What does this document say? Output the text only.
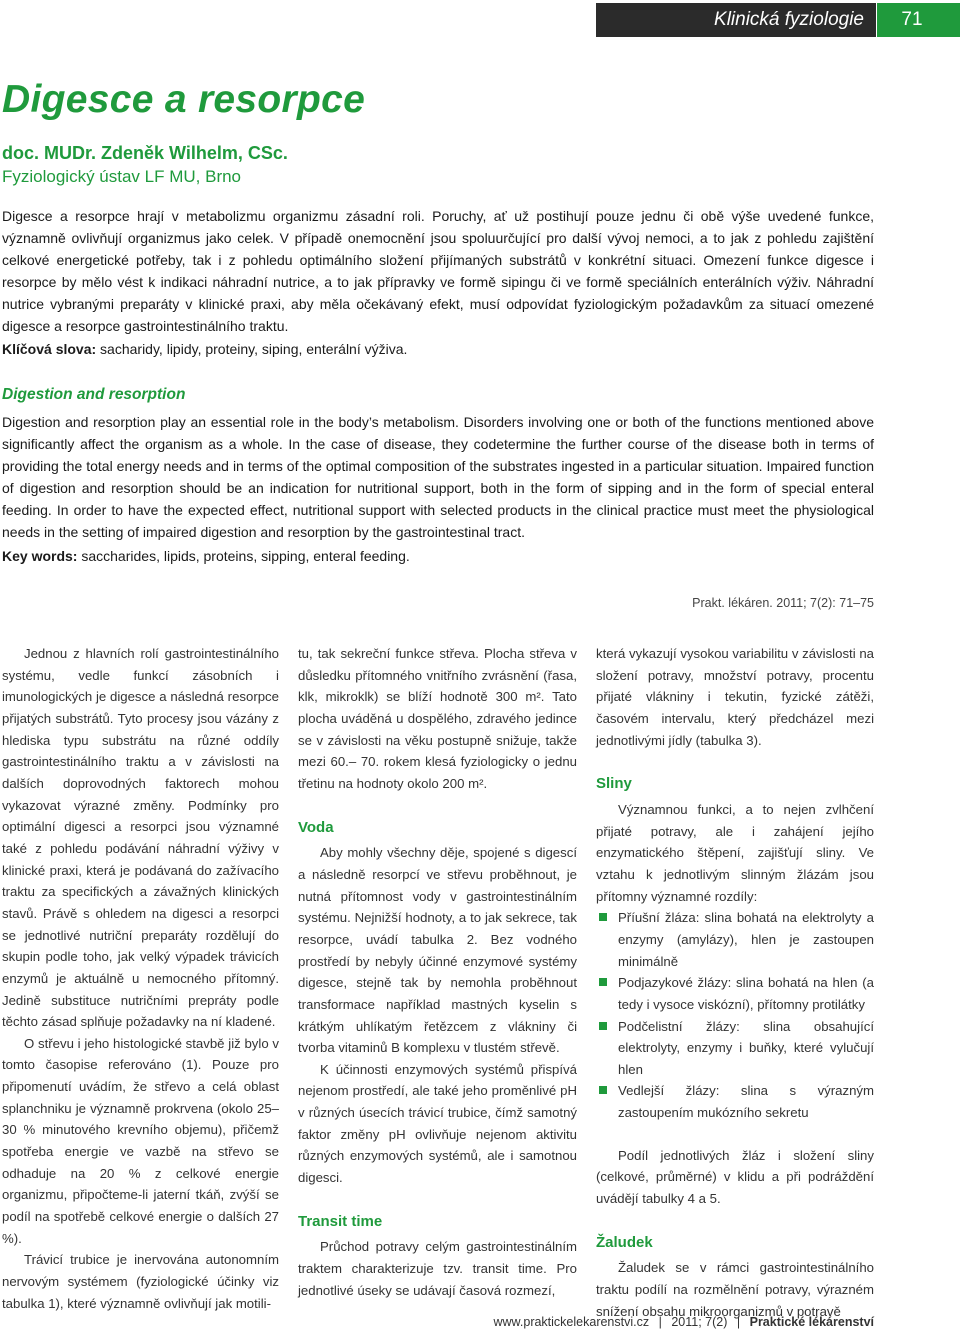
Klinická fyziologie	71
Digesce a resorpce
doc. MUDr. Zdeněk Wilhelm, CSc.
Fyziologický ústav LF MU, Brno

Digesce a resorpce hrají v metabolizmu organizmu zásadní roli. Poruchy, ať už postihují pouze jednu či obě výše uvedené funkce, významně ovlivňují organizmus jako celek. V případě onemocnění jsou spoluurčující pro další vývoj nemoci, a to jak z pohledu zajištění celkové energetické potřeby, tak i z pohledu optimálního složení přijímaných substrátů v konkrétní situaci. Omezení funkce digesce i resorpce by mělo vést k indikaci náhradní nutrice, a to jak přípravky ve formě sipingu či ve formě speciálních enterálních výživ. Náhradní nutrice vybranými preparáty v klinické praxi, aby měla očekávaný efekt, musí odpovídat fyziologickým požadavkům za situací omezené digesce a resorpce gastrointestinálního traktu.

Klíčová slova: sacharidy, lipidy, proteiny, siping, enterální výživa.
Digestion and resorption

Digestion and resorption play an essential role in the body’s metabolism. Disorders involving one or both of the functions mentioned above significantly affect the organism as a whole. In the case of disease, they codetermine the further course of the disease both in terms of providing the total energy needs and in terms of the optimal composition of the substrates ingested in a particular situation. Impaired function of digestion and resorption should be an indication for nutritional support, both in the form of sipping and in the form of special enteral feeding. In order to have the expected effect, nutritional support with selected products in the clinical practice must meet the physiological needs in the setting of impaired digestion and resorption by the gastrointestinal tract.

Key words: saccharides, lipids, proteins, sipping, enteral feeding.
Prakt. lékáren. 2011; 7(2): 71–75

Jednou z hlavních rolí gastrointestinálního systému, vedle funkcí zásobních i imunologických je digesce a následná resorpce přijatých substrátů. Tyto procesy jsou vázány z hlediska typu substrátu na různé oddíly gastrointestinálního traktu a v závislosti na dalších doprovodných faktorech mohou vykazovat výrazné změny. Podmínky pro optimální digesci a resorpci jsou významné také z pohledu podávání náhradní výživy v klinické praxi, která je podávaná do zažívacího traktu za specifických a závažných klinických stavů. Právě s ohledem na digesci a resorpci se jednotlivé nutriční preparáty rozdělují do skupin podle toho, jak velký výpadek trávicích enzymů je aktuálně u nemocného přítomný. Jedině substituce nutričními prepráty podle těchto zásad splňuje požadavky na ní kladené.

O střevu i jeho histologické stavbě již bylo v tomto časopise referováno (1). Pouze pro připomenutí uvádím, že střevo a celá oblast splanchniku je významně prokrvena (okolo 25–30 % minutového krevního objemu), přičemž spotřeba energie ve vazbě na střevo se odhaduje na 20 % z celkové energie organizmu, připočteme-li jaterní tkáň, zvýší se podíl na spotřebě celkové energie o dalších 27 %).

Trávicí trubice je inervována autonomním nervovým systémem (fyziologické účinky viz tabulka 1), které významně ovlivňují jak motili-

tu, tak sekreční funkce střeva. Plocha střeva v důsledku přítomného vnitřního zvrásnění (řasa, klk, mikroklk) se blíží hodnotě 300 m². Tato plocha uváděná u dospělého, zdravého jedince se v závislosti na věku postupně snižuje, takže mezi 60.– 70. rokem klesá fyziologicky o jednu třetinu na hodnoty okolo 200 m².

Voda

Aby mohly všechny děje, spojené s digescí a následně resorpcí ve střevu proběhnout, je nutná přítomnost vody v gastrointestinálním systému. Nejnižší hodnoty, a to jak sekrece, tak resorpce, uvádí tabulka 2. Bez vodného prostředí by nebyly účinné enzymové systémy digesce, stejně tak by nemohla proběhnout transformace například mastných kyselin s krátkým uhlíkatým řetězcem z vlákniny či tvorba vitaminů B komplexu v tlustém střevě.

K účinnosti enzymových systémů přispívá nejenom prostředí, ale také jeho proměnlivé pH v různých úsecích trávicí trubice, čímž samotný faktor změny pH ovlivňuje nejenom aktivitu různých enzymových systémů, ale i samotnou digesci.

Transit time

Průchod potravy celým gastrointestinálním traktem charakterizuje tzv. transit time. Pro jednotlivé úseky se udávají časová rozmezí,

která vykazují vysokou variabilitu v závislosti na složení potravy, množství potravy, procentu přijaté vlákniny i tekutin, fyzické zátěži, časovém intervalu, který předcházel mezi jednotlivými jídly (tabulka 3).

Sliny

Významnou funkci, a to nejen zvlhčení přijaté potravy, ale i zahájení jejího enzymatického štěpení, zajišťují sliny. Ve vztahu k jednotlivým slinným žlázám jsou přítomny významné rozdíly:

Příušní žláza: slina bohatá na elektrolyty a enzymy (amylázy), hlen je zastoupen minimálně
Podjazykové žlázy: slina bohatá na hlen (a tedy i vysoce viskózní), přítomny protilátky
Podčelistní žlázy: slina obsahující elektrolyty, enzymy i buňky, které vylučují hlen
Vedlejší žlázy: slina s výrazným zastoupením mukózního sekretu

Podíl jednotlivých žláz i složení sliny (celkové, průměrné) v klidu a při podráždění uvádějí tabulky 4 a 5.

Žaludek

Žaludek se v rámci gastrointestinálního traktu podílí na rozmělnění potravy, výrazném snížení obsahu mikroorganizmů v potravě

www.praktickelekarenstvi.cz | 2011; 7(2) | Praktické lékárenství
